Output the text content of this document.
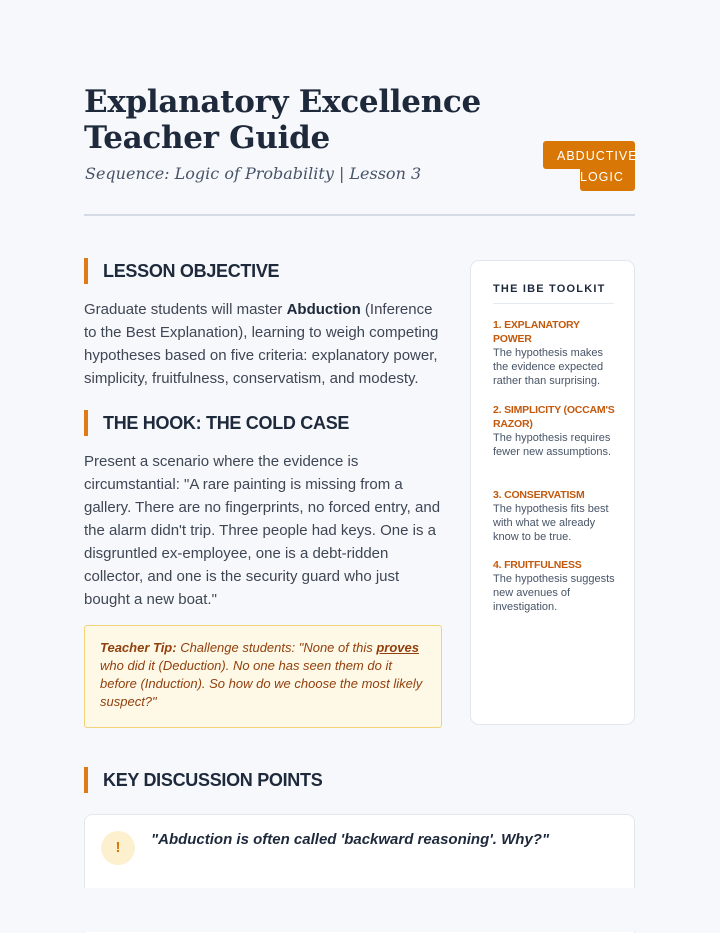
Explanatory Excellence
Teacher Guide
Sequence: Logic of Probability | Lesson 3
ABDUCTIVE
LOGIC
LESSON OBJECTIVE
Graduate students will master Abduction (Inference to the Best Explanation), learning to weigh competing hypotheses based on five criteria: explanatory power, simplicity, fruitfulness, conservatism, and modesty.
THE HOOK: THE COLD CASE
Present a scenario where the evidence is circumstantial: "A rare painting is missing from a gallery. There are no fingerprints, no forced entry, and the alarm didn't trip. Three people had keys. One is a disgruntled ex-employee, one is a debt-ridden collector, and one is the security guard who just bought a new boat."
Teacher Tip: Challenge students: "None of this proves who did it (Deduction). No one has seen them do it before (Induction). So how do we choose the most likely suspect?"
THE IBE TOOLKIT
1. EXPLANATORY POWER
The hypothesis makes the evidence expected rather than surprising.
2. SIMPLICITY (OCCAM'S RAZOR)
The hypothesis requires fewer new assumptions.
3. CONSERVATISM
The hypothesis fits best with what we already know to be true.
4. FRUITFULNESS
The hypothesis suggests new avenues of investigation.
KEY DISCUSSION POINTS
!	"Abduction is often called 'backward reasoning'. Why?"
